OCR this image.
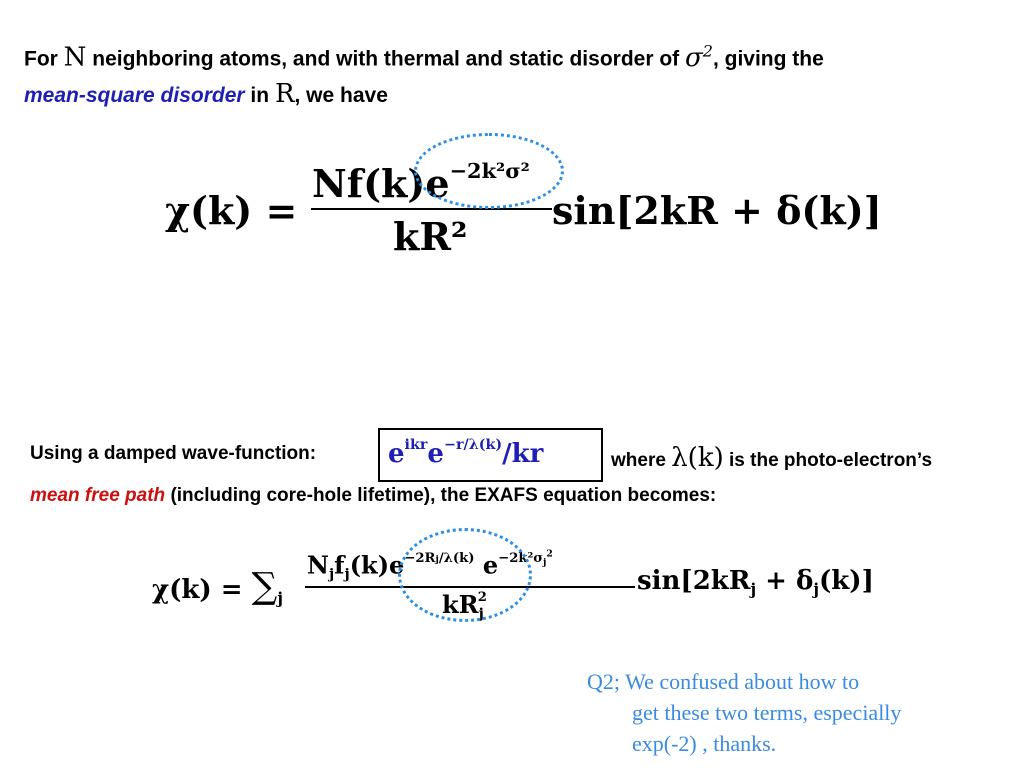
For N neighboring atoms, and with thermal and static disorder of $\sigma^2$, giving the
mean-square disorder in R, we have
χ(k) =
$Nf(k)e^{-2k^2\sigma^2}$
kR²
sin[2kR + δ(k)]
Using a damped wave-function:	$e^{ikr}e^{-r/\lambda(k)}/kr$	where λ(k) is the photo-electron’s
mean free path (including core-hole lifetime), the EXAFS equation becomes:
$\chi(k) = \sum_j$
$N_jf_j(k)e^{-2Rj/\lambda(k)}$ $e^{-2k^2\sigma_j^2}$
$kR_j^2$
$\sin[2kR_j + \delta_j(k)]$
Q2; We confused about how to
get these two terms, especially
exp(-2) , thanks.
